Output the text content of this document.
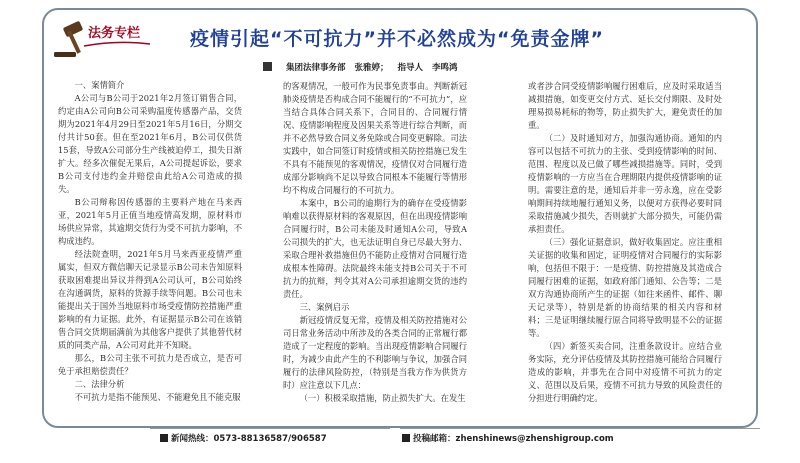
法务专栏	疫情引起“不可抗力”并不必然成为“免责金牌”
集团法律事务部 张雅婷； 指导人 李鸣鸿

一、案情简介

A公司与B公司于2021年2月签订销售合同，约定由A公司向B公司采购温度传感器产品，交货期为2021年4月29日至2021年5月16日，分期交付共计50套。但在至2021年6月，B公司仅供货15套，导致A公司部分生产线被迫停工，损失日渐扩大。经多次催促无果后，A公司提起诉讼，要求B公司支付违约金并赔偿由此给A公司造成的损失。

B公司辩称因传感器的主要料产地在马来西亚，2021年5月正值当地疫情高发期，原材料市场供应异常，其逾期交货行为受不可抗力影响，不构成违约。

经法院查明，2021年5月马来西亚疫情严重属实，但双方微信聊天记录显示B公司未告知原料获取困难提出异议并得到A公司认可，B公司始终在沟通调货，原料的货源手续等问题。B公司也未能提出关于国外当地原料市场受疫情防控措施严重影响的有力证据。此外，有证据显示B公司在该销售合同交货期届满前为其他客户提供了其他替代材质的同类产品，A公司对此并不知晓。

那么，B公司主张不可抗力是否成立，是否可免于承担赔偿责任？

二、法律分析

不可抗力是指不能预见、不能避免且不能克服

的客观情况，一般可作为民事免责事由。判断新冠肺炎疫情是否构成合同不能履行的“不可抗力”，应当结合具体合同关系下，合同目的、合同履行情况、疫情影响程度及因果关系等进行综合判断，而并不必然导致合同义务免除或合同变更解除。司法实践中，如合同签订时疫情或相关防控措施已发生不具有不能预见的客观情况，疫情仅对合同履行造成部分影响尚不足以导致合同根本不能履行等情形均不构成合同履行的不可抗力。

本案中，B公司的逾期行为的确存在受疫情影响难以获得原材料的客观原因，但在出现疫情影响合同履行时，B公司未能及时通知A公司，导致A公司损失的扩大，也无法证明自身已尽最大努力、采取合理补救措施但仍不能防止疫情对合同履行造成根本性障碍。法院最终未能支持B公司关于不可抗力的抗辩，判令其对A公司承担逾期交货的违约责任。

三、案例启示

新冠疫情反复无常，疫情及相关防控措施对公司日常业务活动中所涉及的各类合同的正常履行都造成了一定程度的影响。当出现疫情影响合同履行时，为减少由此产生的不利影响与争议，加强合同履行的法律风险防控，（特别是当我方作为供货方时）应注意以下几点：

（一）积极采取措施，防止损失扩大。在发生

或者涉合同受疫情影响履行困难后，应及时采取适当减损措施，如变更交付方式、延长交付期限、及时处理易损易耗标的物等，防止损失扩大，避免责任的加重。

（二）及时通知对方，加强沟通协商。通知的内容可以包括不可抗力的主张、受到疫情影响的时间、范围、程度以及已做了哪些减损措施等。同时，受到疫情影响的一方应当在合理期限内提供疫情影响的证明。需要注意的是，通知后并非一劳永逸，应在受影响期间持续地履行通知义务，以便对方获得必要时同采取措施减少损失，否则就扩大部分损失，可能仍需承担责任。

（三）强化证据意识，做好收集固定。应注重相关证据的收集和固定，证明疫情对合同履行的实际影响，包括但不限于：一是疫情、防控措施及其造成合同履行困难的证据，如政府部门通知、公告等；二是双方沟通协商所产生的证据（如往来函件、邮件、聊天记录等），特别是新的协商结果的相关内容和材料；三是证明继续履行原合同将导致明显不公的证据等。

（四）新签买卖合同，注重条款设计。应结合业务实际，充分评估疫情及其防控措施可能给合同履行造成的影响，并事先在合同中对疫情不可抗力的定义、范围以及后果，疫情不可抗力导致的风险责任的分担进行明确约定。

新闻热线：0573-88136587/906587	投稿邮箱：zhenshinews@zhenshigroup.com
